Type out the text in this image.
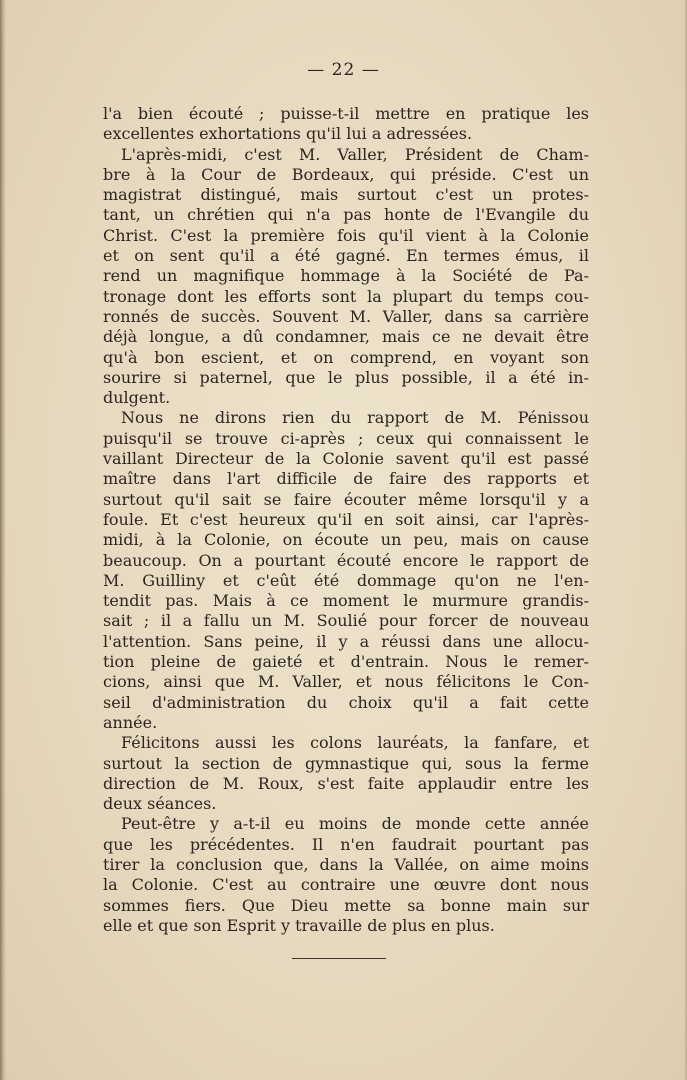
— 22 —
l'a bien écouté ; puisse-t-il mettre en pratique les
excellentes exhortations qu'il lui a adressées.
L'après-midi, c'est M. Valler, Président de Cham-
bre à la Cour de Bordeaux, qui préside. C'est un
magistrat distingué, mais surtout c'est un protes-
tant, un chrétien qui n'a pas honte de l'Evangile du
Christ. C'est la première fois qu'il vient à la Colonie
et on sent qu'il a été gagné. En termes émus, il
rend un magnifique hommage à la Société de Pa-
tronage dont les efforts sont la plupart du temps cou-
ronnés de succès. Souvent M. Valler, dans sa carrière
déjà longue, a dû condamner, mais ce ne devait être
qu'à bon escient, et on comprend, en voyant son
sourire si paternel, que le plus possible, il a été in-
dulgent.
Nous ne dirons rien du rapport de M. Pénissou
puisqu'il se trouve ci-après ; ceux qui connaissent le
vaillant Directeur de la Colonie savent qu'il est passé
maître dans l'art difficile de faire des rapports et
surtout qu'il sait se faire écouter même lorsqu'il y a
foule. Et c'est heureux qu'il en soit ainsi, car l'après-
midi, à la Colonie, on écoute un peu, mais on cause
beaucoup. On a pourtant écouté encore le rapport de
M. Guilliny et c'eût été dommage qu'on ne l'en-
tendit pas. Mais à ce moment le murmure grandis-
sait ; il a fallu un M. Soulié pour forcer de nouveau
l'attention. Sans peine, il y a réussi dans une allocu-
tion pleine de gaieté et d'entrain. Nous le remer-
cions, ainsi que M. Valler, et nous félicitons le Con-
seil d'administration du choix qu'il a fait cette
année.
Félicitons aussi les colons lauréats, la fanfare, et
surtout la section de gymnastique qui, sous la ferme
direction de M. Roux, s'est faite applaudir entre les
deux séances.
Peut-être y a-t-il eu moins de monde cette année
que les précédentes. Il n'en faudrait pourtant pas
tirer la conclusion que, dans la Vallée, on aime moins
la Colonie. C'est au contraire une œuvre dont nous
sommes fiers. Que Dieu mette sa bonne main sur
elle et que son Esprit y travaille de plus en plus.
